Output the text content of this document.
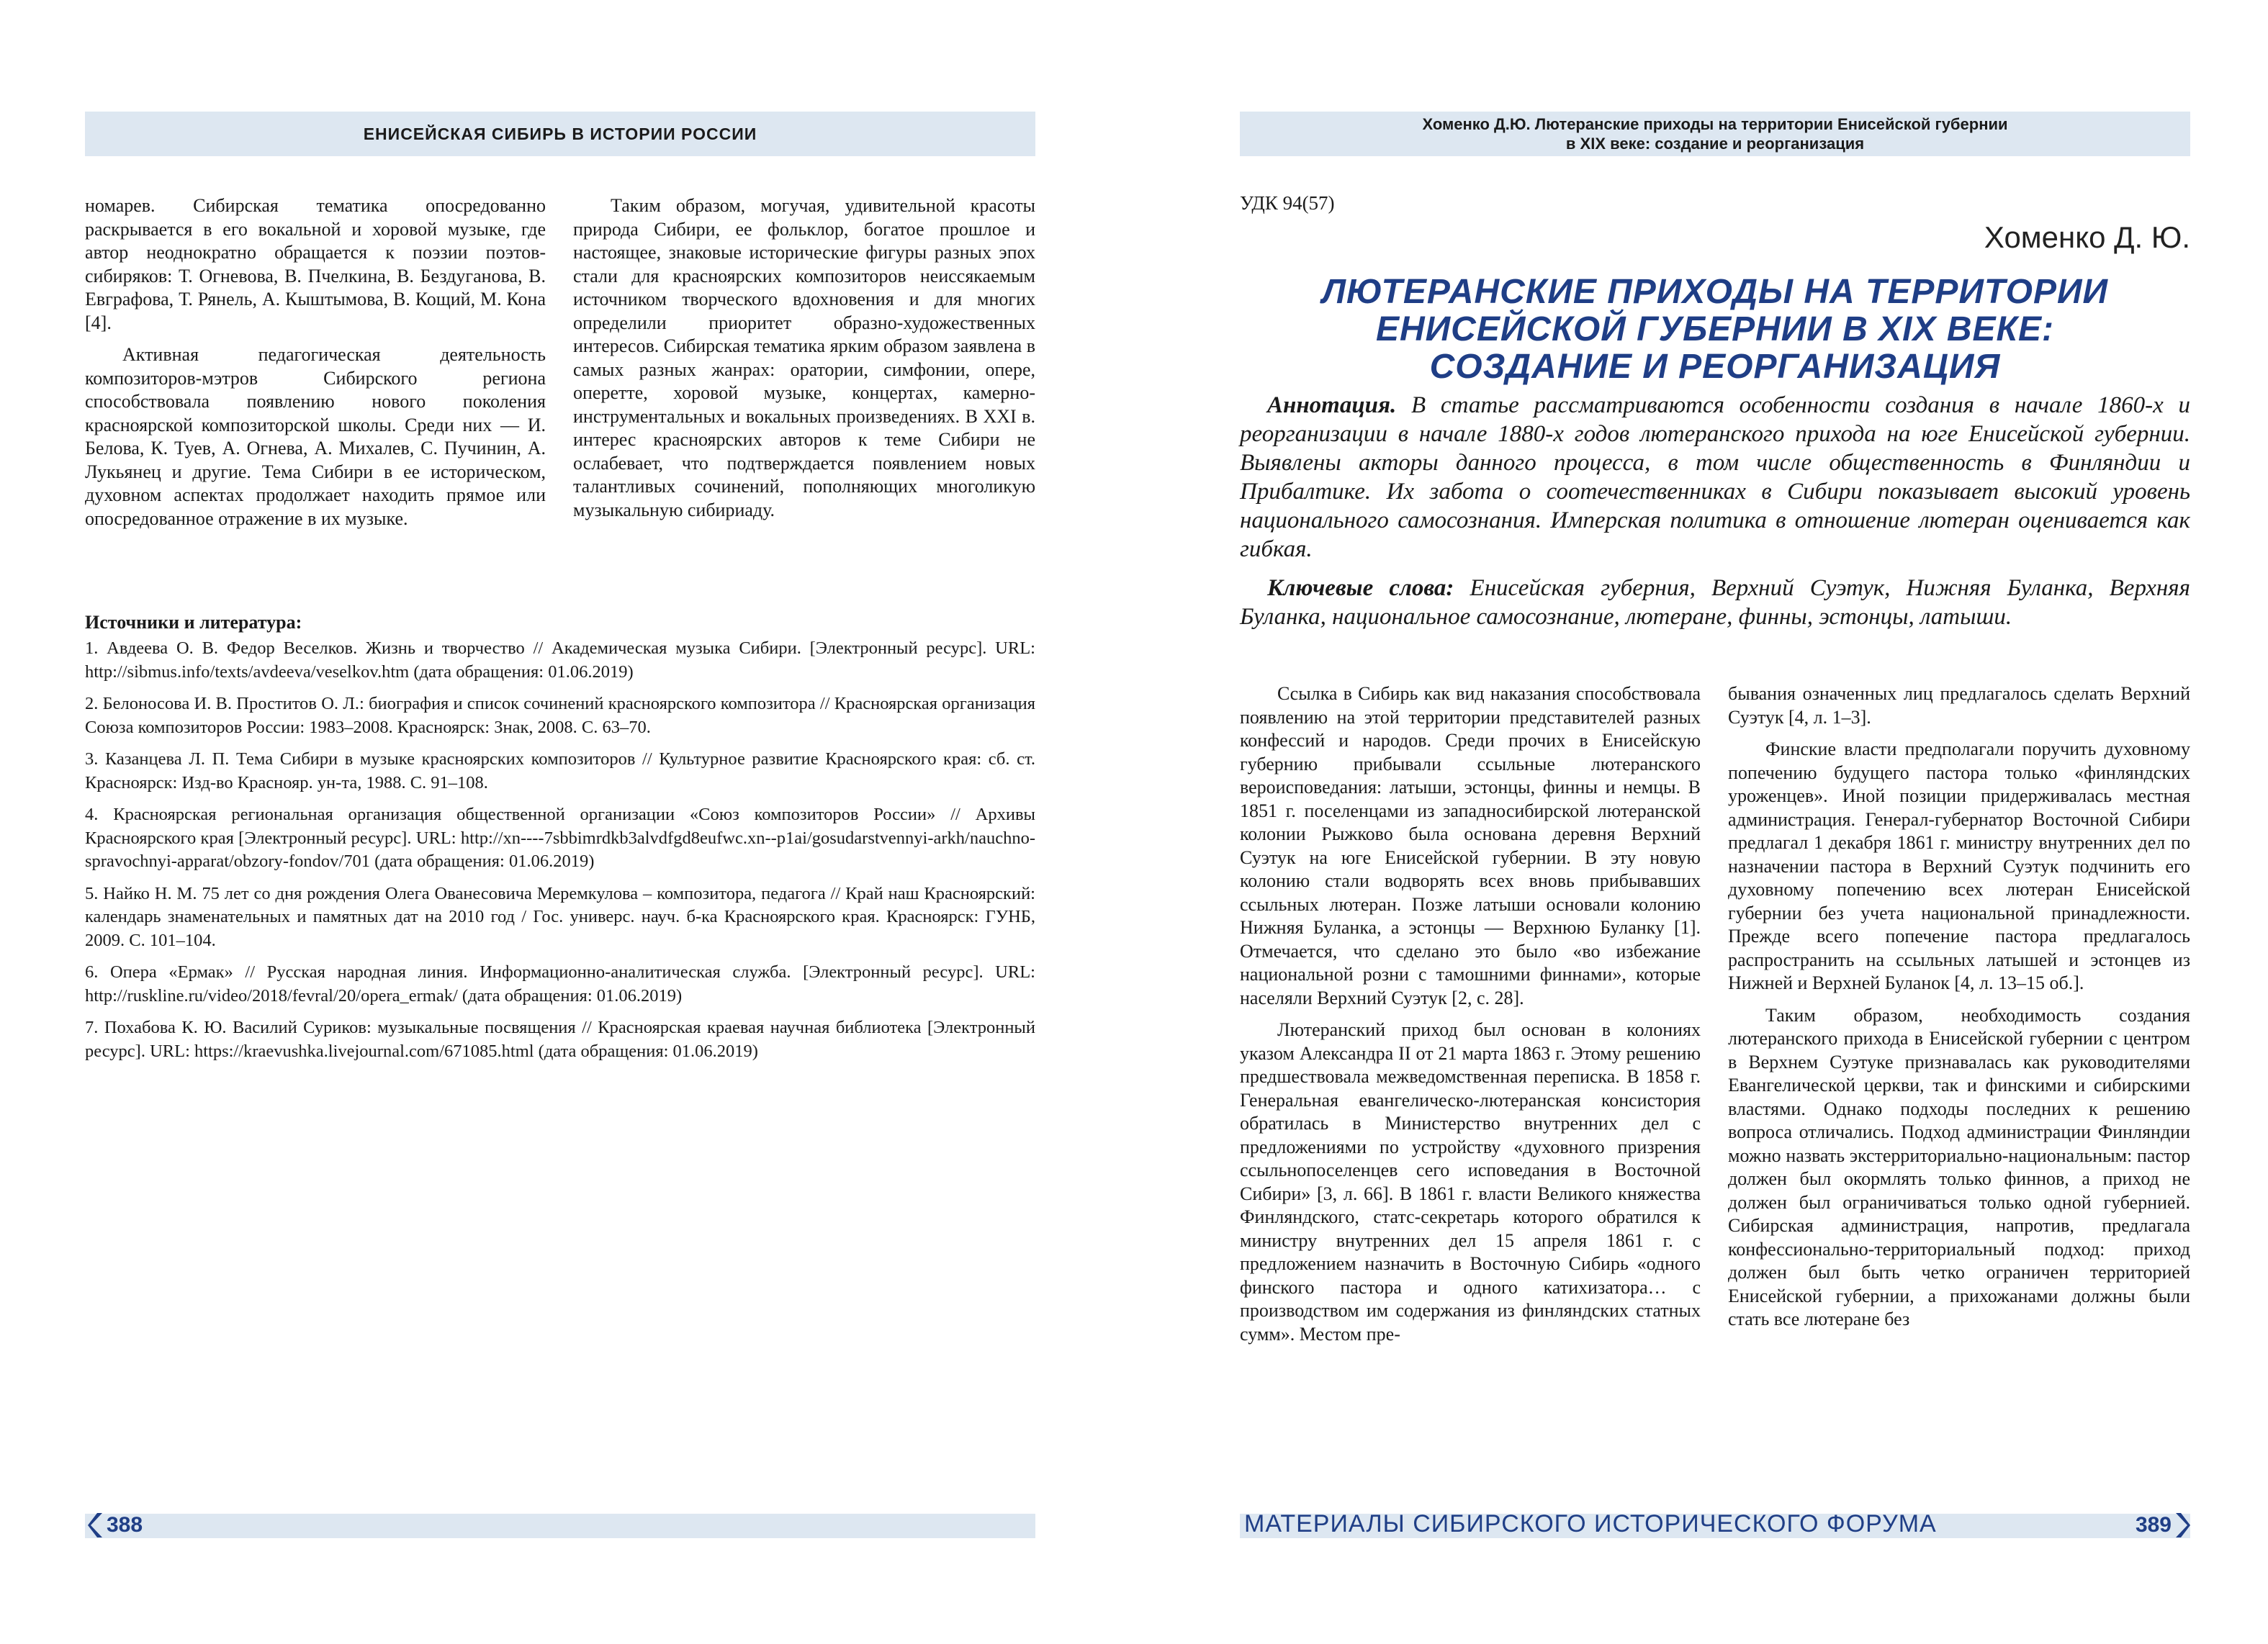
ЕНИСЕЙСКАЯ СИБИРЬ В ИСТОРИИ РОССИИ

номарев. Сибирская тематика опосредованно раскрывается в его вокальной и хоровой музыке, где автор неоднократно обращается к поэзии поэтов-сибиряков: Т. Огневова, В. Пчелкина, В. Бездуганова, В. Евграфова, Т. Рянель, А. Кыштымова, В. Кощий, М. Кона [4].

Активная педагогическая деятельность композиторов-мэтров Сибирского региона способствовала появлению нового поколения красноярской композиторской школы. Среди них — И. Белова, К. Туев, А. Огнева, А. Михалев, С. Пучинин, А. Лукьянец и другие. Тема Сибири в ее историческом, духовном аспектах продолжает находить прямое или опосредованное отражение в их музыке.

Таким образом, могучая, удивительной красоты природа Сибири, ее фольклор, богатое прошлое и настоящее, знаковые исторические фигуры разных эпох стали для красноярских композиторов неиссякаемым источником творческого вдохновения и для многих определили приоритет образно-художественных интересов. Сибирская тематика ярким образом заявлена в самых разных жанрах: оратории, симфонии, опере, оперетте, хоровой музыке, концертах, камерно-инструментальных и вокальных произведениях. В XXI в. интерес красноярских авторов к теме Сибири не ослабевает, что подтверждается появлением новых талантливых сочинений, пополняющих многоликую музыкальную сибириаду.

Источники и литература:
1. Авдеева О. В. Федор Веселков. Жизнь и творчество // Академическая музыка Сибири. [Электронный ресурс]. URL: http://sibmus.info/texts/avdeeva/veselkov.htm (дата обращения: 01.06.2019)
2. Белоносова И. В. Проститов О. Л.: биография и список сочинений красноярского композитора // Красноярская организация Союза композиторов России: 1983–2008. Красноярск: Знак, 2008. С. 63–70.
3. Казанцева Л. П. Тема Сибири в музыке красноярских композиторов // Культурное развитие Красноярского края: сб. ст. Красноярск: Изд-во Краснояр. ун-та, 1988. С. 91–108.
4. Красноярская региональная организация общественной организации «Союз композиторов России» // Архивы Красноярского края [Электронный ресурс]. URL: http://xn----7sbbimrdkb3alvdfgd8eufwc.xn--p1ai/gosudarstvennyi-arkh/nauchno-spravochnyi-apparat/obzory-fondov/701 (дата обращения: 01.06.2019)
5. Найко Н. М. 75 лет со дня рождения Олега Ованесовича Меремкулова – композитора, педагога // Край наш Красноярский: календарь знаменательных и памятных дат на 2010 год / Гос. универс. науч. б-ка Красноярского края. Красноярск: ГУНБ, 2009. С. 101–104.
6. Опера «Ермак» // Русская народная линия. Информационно-аналитическая служба. [Электронный ресурс]. URL: http://ruskline.ru/video/2018/fevral/20/opera_ermak/ (дата обращения: 01.06.2019)
7. Похабова К. Ю. Василий Суриков: музыкальные посвящения // Красноярская краевая научная библиотека [Электронный ресурс]. URL: https://kraevushka.livejournal.com/671085.html (дата обращения: 01.06.2019)
388
Хоменко Д.Ю. Лютеранские приходы на территории Енисейской губернии
в XIX веке: создание и реорганизация
УДК 94(57)
Хоменко Д. Ю.
ЛЮТЕРАНСКИЕ ПРИХОДЫ НА ТЕРРИТОРИИ
ЕНИСЕЙСКОЙ ГУБЕРНИИ В XIX ВЕКЕ:
СОЗДАНИЕ И РЕОРГАНИЗАЦИЯ

Аннотация. В статье рассматриваются особенности создания в начале 1860-х и реорганизации в начале 1880-х годов лютеранского прихода на юге Енисейской губернии. Выявлены акторы данного процесса, в том числе общественность в Финляндии и Прибалтике. Их забота о соотечественниках в Сибири показывает высокий уровень национального самосознания. Имперская политика в отношение лютеран оценивается как гибкая.

Ключевые слова: Енисейская губерния, Верхний Суэтук, Нижняя Буланка, Верхняя Буланка, национальное самосознание, лютеране, финны, эстонцы, латыши.

Ссылка в Сибирь как вид наказания способствовала появлению на этой территории представителей разных конфессий и народов. Среди прочих в Енисейскую губернию прибывали ссыльные лютеранского вероисповедания: латыши, эстонцы, финны и немцы. В 1851 г. поселенцами из западносибирской лютеранской колонии Рыжково была основана деревня Верхний Суэтук на юге Енисейской губернии. В эту новую колонию стали водворять всех вновь прибывавших ссыльных лютеран. Позже латыши основали колонию Нижняя Буланка, а эстонцы — Верхнюю Буланку [1]. Отмечается, что сделано это было «во избежание национальной розни с тамошними финнами», которые населяли Верхний Суэтук [2, с. 28].

Лютеранский приход был основан в колониях указом Александра II от 21 марта 1863 г. Этому решению предшествовала межведомственная переписка. В 1858 г. Генеральная евангелическо-лютеранская консистория обратилась в Министерство внутренних дел с предложениями по устройству «духовного призрения ссыльнопоселенцев сего исповедания в Восточной Сибири» [3, л. 66]. В 1861 г. власти Великого княжества Финляндского, статс-секретарь которого обратился к министру внутренних дел 15 апреля 1861 г. с предложением назначить в Восточную Сибирь «одного финского пастора и одного катихизатора… с производством им содержания из финляндских статных сумм». Местом пре-

бывания означенных лиц предлагалось сделать Верхний Суэтук [4, л. 1–3].

Финские власти предполагали поручить духовному попечению будущего пастора только «финляндских уроженцев». Иной позиции придерживалась местная администрация. Генерал-губернатор Восточной Сибири предлагал 1 декабря 1861 г. министру внутренних дел по назначении пастора в Верхний Суэтук подчинить его духовному попечению всех лютеран Енисейской губернии без учета национальной принадлежности. Прежде всего попечение пастора предлагалось распространить на ссыльных латышей и эстонцев из Нижней и Верхней Буланок [4, л. 13–15 об.].

Таким образом, необходимость создания лютеранского прихода в Енисейской губернии с центром в Верхнем Суэтуке признавалась как руководителями Евангелической церкви, так и финскими и сибирскими властями. Однако подходы последних к решению вопроса отличались. Подход администрации Финляндии можно назвать экстерриториально-национальным: пастор должен был окормлять только финнов, а приход не должен был ограничиваться только одной губернией. Сибирская администрация, напротив, предлагала конфессионально-территориальный подход: приход должен был быть четко ограничен территорией Енисейской губернии, а прихожанами должны были стать все лютеране без

МАТЕРИАЛЫ СИБИРСКОГО ИСТОРИЧЕСКОГО ФОРУМА	389
